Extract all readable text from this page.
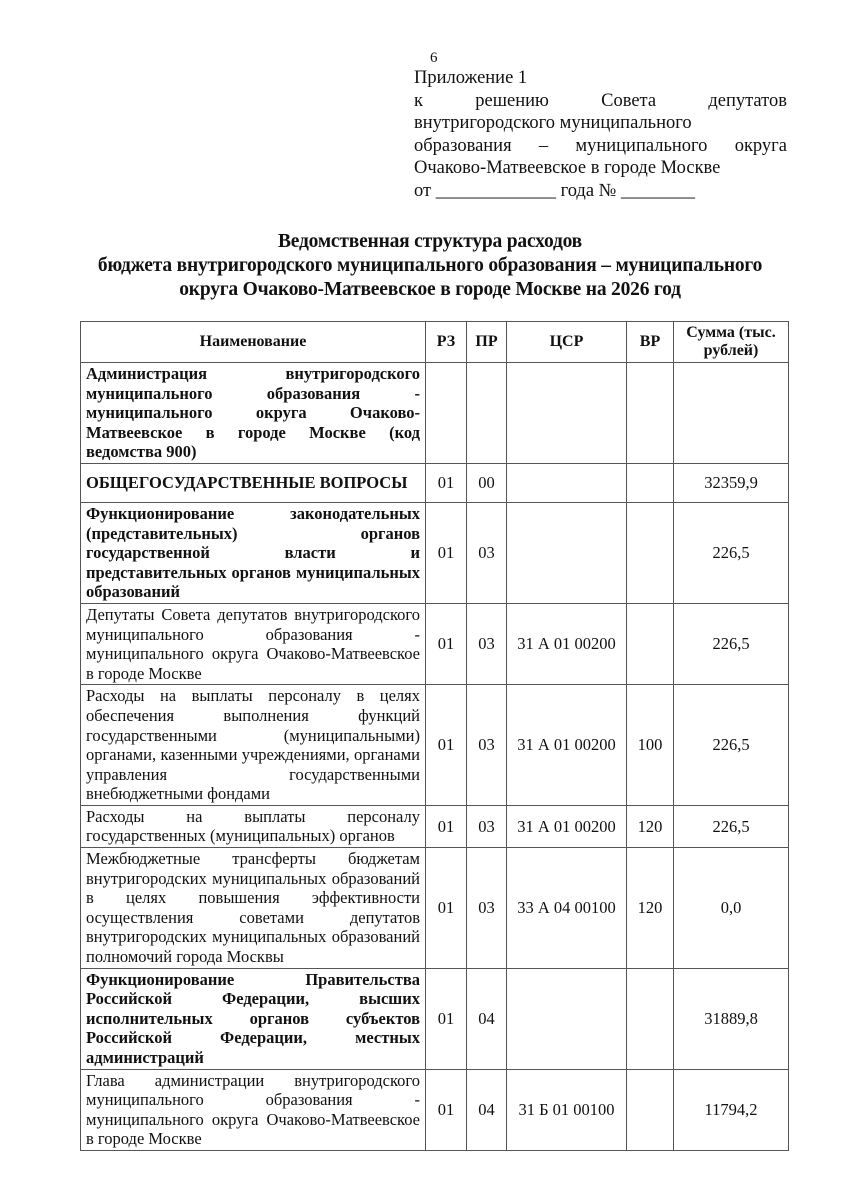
6
Приложение 1
к решению Совета депутатов
внутригородского муниципального
образования – муниципального округа
Очаково-Матвеевское в городе Москве
от _____________ года № ________
Ведомственная структура расходов
бюджета внутригородского муниципального образования – муниципального
округа Очаково-Матвеевское в городе Москве на 2026 год
Наименование	РЗ	ПР	ЦСР	ВР	Сумма (тыс. рублей)
Администрация внутригородского муниципального образования - муниципального округа Очаково-Матвеевское в городе Москве (код ведомства 900)					
ОБЩЕГОСУДАРСТВЕННЫЕ ВОПРОСЫ	01	00			32359,9
Функционирование законодательных (представительных) органов государственной власти и представительных органов муниципальных образований	01	03			226,5
Депутаты Совета депутатов внутригородского муниципального образования - муниципального округа Очаково-Матвеевское в городе Москве	01	03	31 А 01 00200		226,5
Расходы на выплаты персоналу в целях обеспечения выполнения функций государственными (муниципальными) органами, казенными учреждениями, органами управления государственными внебюджетными фондами	01	03	31 А 01 00200	100	226,5
Расходы на выплаты персоналу государственных (муниципальных) органов	01	03	31 А 01 00200	120	226,5
Межбюджетные трансферты бюджетам внутригородских муниципальных образований в целях повышения эффективности осуществления советами депутатов внутригородских муниципальных образований полномочий города Москвы	01	03	33 А 04 00100	120	0,0
Функционирование Правительства Российской Федерации, высших исполнительных органов субъектов Российской Федерации, местных администраций	01	04			31889,8
Глава администрации внутригородского муниципального образования - муниципального округа Очаково-Матвеевское в городе Москве	01	04	31 Б 01 00100		11794,2
